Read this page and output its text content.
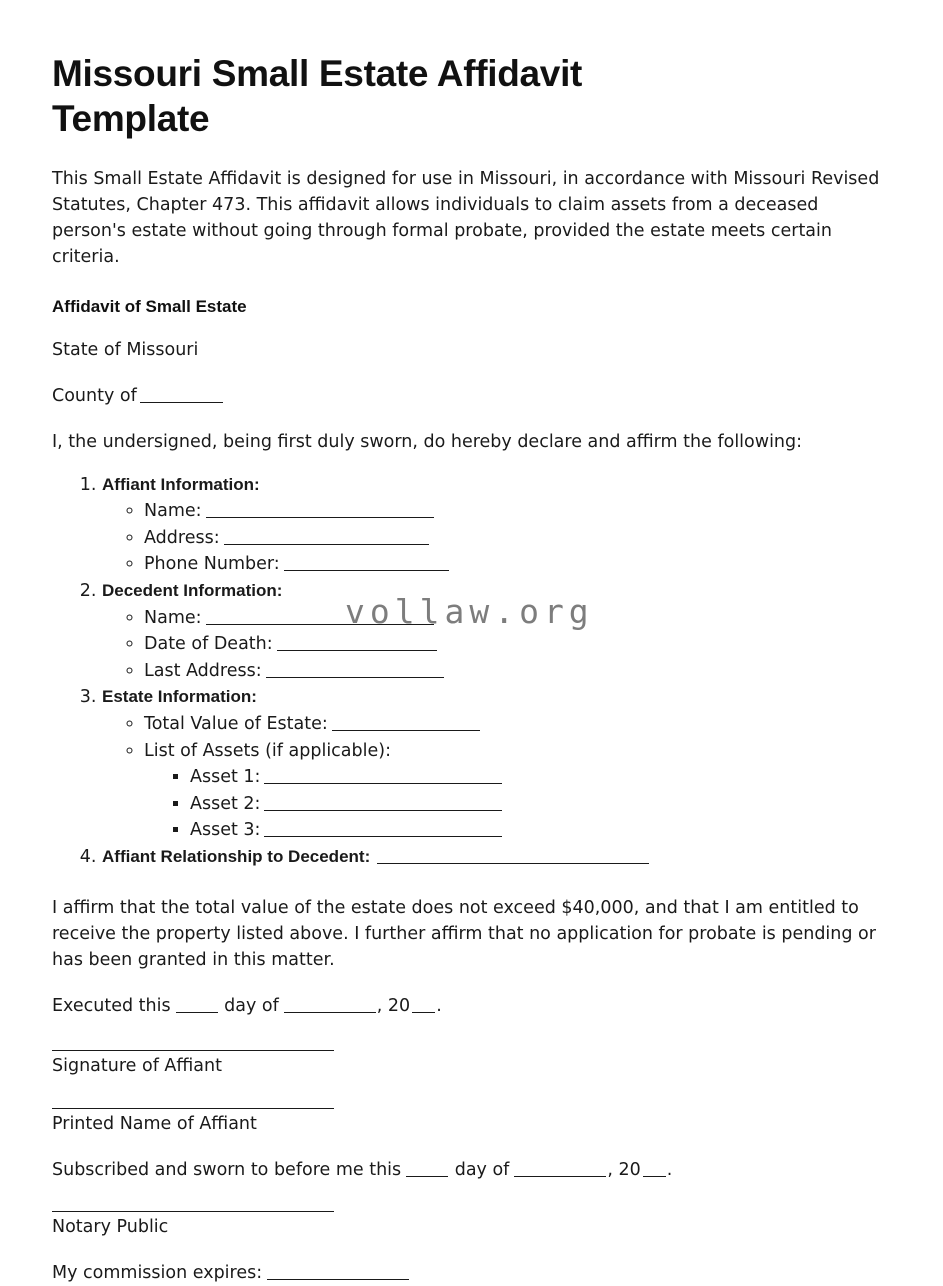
Missouri Small Estate Affidavit Template

This Small Estate Affidavit is designed for use in Missouri, in accordance with Missouri Revised Statutes, Chapter 473. This affidavit allows individuals to claim assets from a deceased person's estate without going through formal probate, provided the estate meets certain criteria.

Affidavit of Small Estate

State of Missouri

County of

I, the undersigned, being first duly sworn, do hereby declare and affirm the following:

1. Affiant Information:
◦ Name:
◦ Address:
◦ Phone Number:
2. Decedent Information:
◦ Name:
◦ Date of Death:
◦ Last Address:
3. Estate Information:
◦ Total Value of Estate:
◦ List of Assets (if applicable):
▪ Asset 1:
▪ Asset 2:
▪ Asset 3:
4. Affiant Relationship to Decedent:

I affirm that the total value of the estate does not exceed $40,000, and that I am entitled to receive the property listed above. I further affirm that no application for probate is pending or has been granted in this matter.

Executed this	day of	, 20 .

Signature of Affiant
Printed Name of Affiant

Subscribed and sworn to before me this	day of	, 20 .

Notary Public

My commission expires:

vollaw.org
